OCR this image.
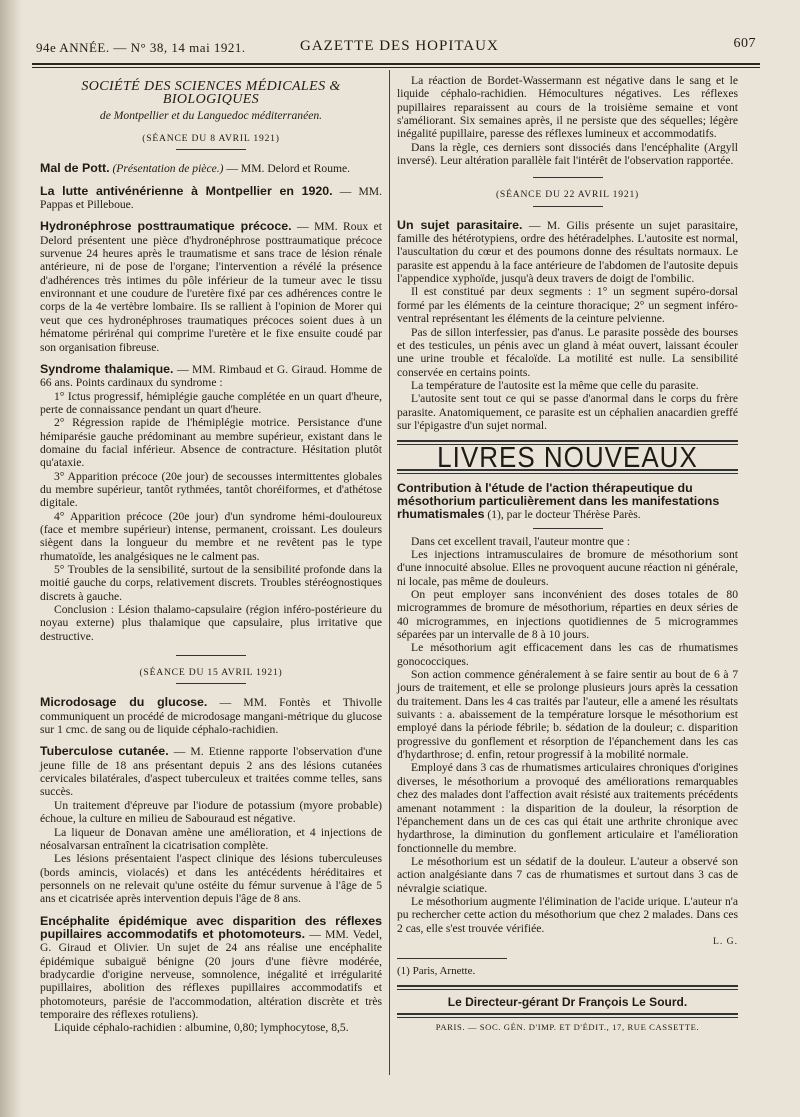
94e ANNÉE. — N° 38, 14 mai 1921.	GAZETTE DES HOPITAUX	607

SOCIÉTÉ DES SCIENCES MÉDICALES & BIOLOGIQUES

de Montpellier et du Languedoc méditerranéen.

(SÉANCE DU 8 AVRIL 1921)

Mal de Pott. (Présentation de pièce.) — MM. Delord et Roume.

La lutte antivénérienne à Montpellier en 1920. — MM. Pappas et Pilleboue.

Hydronéphrose posttraumatique précoce. — MM. Roux et Delord présentent une pièce d'hydronéphrose posttraumatique précoce survenue 24 heures après le traumatisme et sans trace de lésion rénale antérieure, ni de pose de l'organe; l'intervention a révélé la présence d'adhérences très intimes du pôle inférieur de la tumeur avec le tissu environnant et une coudure de l'uretère fixé par ces adhérences contre le corps de la 4e vertèbre lombaire. Ils se rallient à l'opinion de Morer qui veut que ces hydronéphroses traumatiques précoces soient dues à un hématome périrénal qui comprime l'uretère et le fixe ensuite coudé par son organisation fibreuse.

Syndrome thalamique. — MM. Rimbaud et G. Giraud. Homme de 66 ans. Points cardinaux du syndrome :

1° Ictus progressif, hémiplégie gauche complétée en un quart d'heure, perte de connaissance pendant un quart d'heure.

2° Régression rapide de l'hémiplégie motrice. Persistance d'une hémiparésie gauche prédominant au membre supérieur, existant dans le domaine du facial inférieur. Absence de contracture. Hésitation plutôt qu'ataxie.

3° Apparition précoce (20e jour) de secousses intermittentes globales du membre supérieur, tantôt rythmées, tantôt choréiformes, et d'athétose digitale.

4° Apparition précoce (20e jour) d'un syndrome hémi-douloureux (face et membre supérieur) intense, permanent, croissant. Les douleurs siègent dans la longueur du membre et ne revêtent pas le type rhumatoïde, les analgésiques ne le calment pas.

5° Troubles de la sensibilité, surtout de la sensibilité profonde dans la moitié gauche du corps, relativement discrets. Troubles stéréognostiques discrets à gauche.

Conclusion : Lésion thalamo-capsulaire (région inféro-postérieure du noyau externe) plus thalamique que capsulaire, plus irritative que destructive.

(SÉANCE DU 15 AVRIL 1921)

Microdosage du glucose. — MM. Fontès et Thivolle communiquent un procédé de microdosage mangani-métrique du glucose sur 1 cmc. de sang ou de liquide céphalo-rachidien.

Tuberculose cutanée. — M. Etienne rapporte l'observation d'une jeune fille de 18 ans présentant depuis 2 ans des lésions cutanées cervicales bilatérales, d'aspect tuberculeux et traitées comme telles, sans succès.

Un traitement d'épreuve par l'iodure de potassium (myore probable) échoue, la culture en milieu de Sabouraud est négative.

La liqueur de Donavan amène une amélioration, et 4 injections de néosalvarsan entraînent la cicatrisation complète.

Les lésions présentaient l'aspect clinique des lésions tuberculeuses (bords amincis, violacés) et dans les antécédents héréditaires et personnels on ne relevait qu'une ostéite du fémur survenue à l'âge de 5 ans et cicatrisée après intervention depuis l'âge de 8 ans.

Encéphalite épidémique avec disparition des réflexes pupillaires accommodatifs et photomoteurs. — MM. Vedel, G. Giraud et Olivier. Un sujet de 24 ans réalise une encéphalite épidémique subaiguë bénigne (20 jours d'une fièvre modérée, bradycardie d'origine nerveuse, somnolence, inégalité et irrégularité pupillaires, abolition des réflexes pupillaires accommodatifs et photomoteurs, parésie de l'accommodation, altération discrète et très temporaire des réflexes rotuliens).

Liquide céphalo-rachidien : albumine, 0,80; lymphocytose, 8,5.

La réaction de Bordet-Wassermann est négative dans le sang et le liquide céphalo-rachidien. Hémocultures négatives. Les réflexes pupillaires reparaissent au cours de la troisième semaine et vont s'améliorant. Six semaines après, il ne persiste que des séquelles; légère inégalité pupillaire, paresse des réflexes lumineux et accommodatifs.

Dans la règle, ces derniers sont dissociés dans l'encéphalite (Argyll inversé). Leur altération parallèle fait l'intérêt de l'observation rapportée.

(SÉANCE DU 22 AVRIL 1921)

Un sujet parasitaire. — M. Gilis présente un sujet parasitaire, famille des hétérotypiens, ordre des hétéradelphes. L'autosite est normal, l'auscultation du cœur et des poumons donne des résultats normaux. Le parasite est appendu à la face antérieure de l'abdomen de l'autosite depuis l'appendice xyphoïde, jusqu'à deux travers de doigt de l'ombilic.

Il est constitué par deux segments : 1° un segment supéro-dorsal formé par les éléments de la ceinture thoracique; 2° un segment inféro-ventral représentant les éléments de la ceinture pelvienne.

Pas de sillon interfessier, pas d'anus. Le parasite possède des bourses et des testicules, un pénis avec un gland à méat ouvert, laissant écouler une urine trouble et fécaloïde. La motilité est nulle. La sensibilité conservée en certains points.

La température de l'autosite est la même que celle du parasite.

L'autosite sent tout ce qui se passe d'anormal dans le corps du frère parasite. Anatomiquement, ce parasite est un céphalien anacardien greffé sur l'épigastre d'un sujet normal.

LIVRES NOUVEAUX

Contribution à l'étude de l'action thérapeutique du mésothorium particulièrement dans les manifestations rhumatismales (1), par le docteur Thérèse Parès.

Dans cet excellent travail, l'auteur montre que :

Les injections intramusculaires de bromure de mésothorium sont d'une innocuité absolue. Elles ne provoquent aucune réaction ni générale, ni locale, pas même de douleurs.

On peut employer sans inconvénient des doses totales de 80 microgrammes de bromure de mésothorium, réparties en deux séries de 40 microgrammes, en injections quotidiennes de 5 microgrammes séparées par un intervalle de 8 à 10 jours.

Le mésothorium agit efficacement dans les cas de rhumatismes gonococciques.

Son action commence généralement à se faire sentir au bout de 6 à 7 jours de traitement, et elle se prolonge plusieurs jours après la cessation du traitement. Dans les 4 cas traités par l'auteur, elle a amené les résultats suivants : a. abaissement de la température lorsque le mésothorium est employé dans la période fébrile; b. sédation de la douleur; c. disparition progressive du gonflement et résorption de l'épanchement dans les cas d'hydarthrose; d. enfin, retour progressif à la mobilité normale.

Employé dans 3 cas de rhumatismes articulaires chroniques d'origines diverses, le mésothorium a provoqué des améliorations remarquables chez des malades dont l'affection avait résisté aux traitements précédents amenant notamment : la disparition de la douleur, la résorption de l'épanchement dans un de ces cas qui était une arthrite chronique avec hydarthrose, la diminution du gonflement articulaire et l'amélioration fonctionnelle du membre.

Le mésothorium est un sédatif de la douleur. L'auteur a observé son action analgésiante dans 7 cas de rhumatismes et surtout dans 3 cas de névralgie sciatique.

Le mésothorium augmente l'élimination de l'acide urique. L'auteur n'a pu rechercher cette action du mésothorium que chez 2 malades. Dans ces 2 cas, elle s'est trouvée vérifiée.

L. G.

(1) Paris, Arnette.

Le Directeur-gérant Dr François Le Sourd.

PARIS. — SOC. GÉN. D'IMP. ET D'ÉDIT., 17, RUE CASSETTE.
